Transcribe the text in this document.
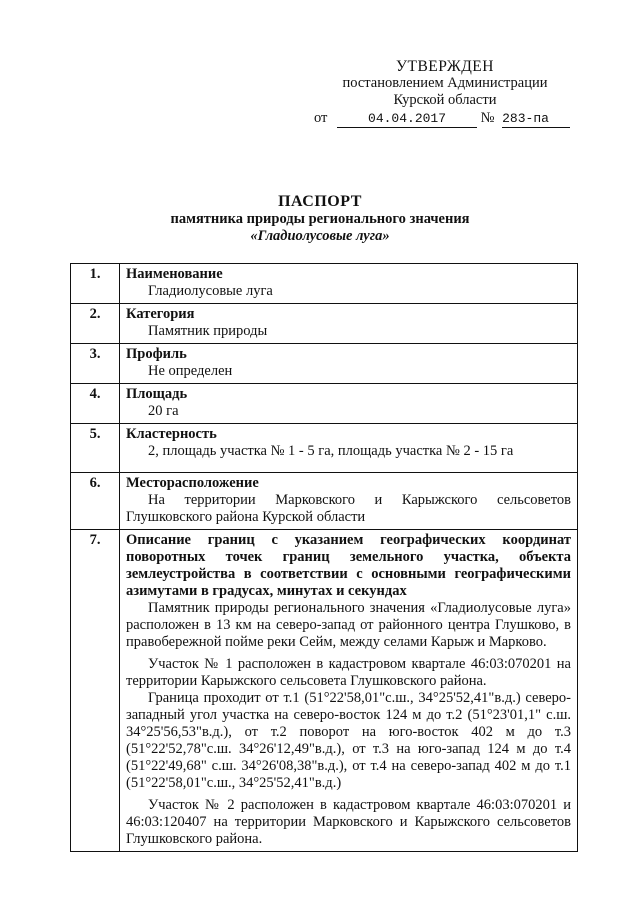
УТВЕРЖДЕН
постановлением Администрации
Курской области
от	04.04.2017 № 283-па
ПАСПОРТ
памятника природы регионального значения
«Гладиолусовые луга»
1.	Наименование
Гладиолусовые луга

2.	Категория
Памятник природы

3.	Профиль
Не определен

4.	Площадь
20 га

5.	Кластерность
2, площадь участка № 1 - 5 га, площадь участка № 2 - 15 га

6.	Месторасположение
На территории Марковского и Карыжского сельсоветов Глушковского района Курской области

7.	Описание границ с указанием географических координат поворотных точек границ земельного участка, объекта землеустройства в соответствии с основными географическими азимутами в градусах, минутах и секундах

Памятник природы регионального значения «Гладиолусовые луга» расположен в 13 км на северо-запад от районного центра Глушково, в правобережной пойме реки Сейм, между селами Карыж и Марково.

Участок № 1 расположен в кадастровом квартале 46:03:070201 на территории Карыжского сельсовета Глушковского района.

Граница проходит от т.1 (51°22'58,01"с.ш., 34°25'52,41"в.д.) северо-западный угол участка на северо-восток 124 м до т.2 (51°23'01,1" с.ш. 34°25'56,53"в.д.), от т.2 поворот на юго-восток 402 м до т.3 (51°22'52,78"с.ш. 34°26'12,49"в.д.), от т.3 на юго-запад 124 м до т.4 (51°22'49,68" с.ш. 34°26'08,38"в.д.), от т.4 на северо-запад 402 м до т.1 (51°22'58,01"с.ш., 34°25'52,41"в.д.)

Участок № 2 расположен в кадастровом квартале 46:03:070201 и 46:03:120407 на территории Марковского и Карыжского сельсоветов Глушковского района.
